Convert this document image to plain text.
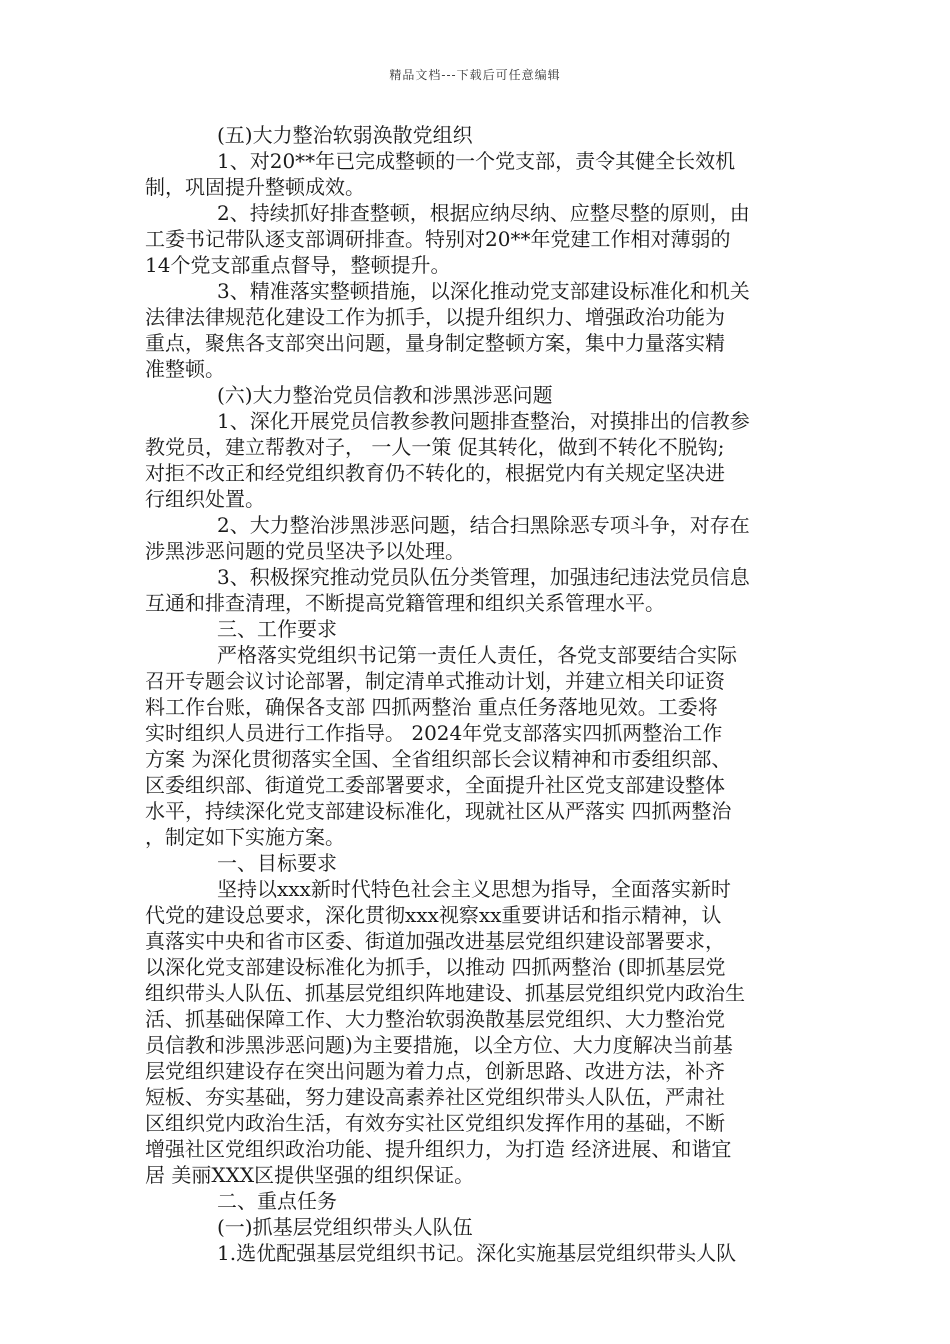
精品文档---下载后可任意编辑
(五)大力整治软弱涣散党组织
1、对20**年已完成整顿的一个党支部，责令其健全长效机
制，巩固提升整顿成效。
2、持续抓好排查整顿，根据应纳尽纳、应整尽整的原则，由
工委书记带队逐支部调研排查。特别对20**年党建工作相对薄弱的
14个党支部重点督导，整顿提升。
3、精准落实整顿措施，以深化推动党支部建设标准化和机关
法律法律规范化建设工作为抓手，以提升组织力、增强政治功能为
重点，聚焦各支部突出问题，量身制定整顿方案，集中力量落实精
准整顿。
(六)大力整治党员信教和涉黑涉恶问题
1、深化开展党员信教参教问题排查整治，对摸排出的信教参
教党员，建立帮教对子， 一人一策 促其转化，做到不转化不脱钩;
对拒不改正和经党组织教育仍不转化的，根据党内有关规定坚决进
行组织处置。
2、大力整治涉黑涉恶问题，结合扫黑除恶专项斗争，对存在
涉黑涉恶问题的党员坚决予以处理。
3、积极探究推动党员队伍分类管理，加强违纪违法党员信息
互通和排查清理，不断提高党籍管理和组织关系管理水平。
三、工作要求
严格落实党组织书记第一责任人责任，各党支部要结合实际
召开专题会议讨论部署，制定清单式推动计划，并建立相关印证资
料工作台账，确保各支部 四抓两整治 重点任务落地见效。工委将
实时组织人员进行工作指导。 2024年党支部落实四抓两整治工作
方案 为深化贯彻落实全国、全省组织部长会议精神和市委组织部、
区委组织部、街道党工委部署要求，全面提升社区党支部建设整体
水平，持续深化党支部建设标准化，现就社区从严落实 四抓两整治
，制定如下实施方案。
一、目标要求
坚持以xxx新时代特色社会主义思想为指导，全面落实新时
代党的建设总要求，深化贯彻xxx视察xx重要讲话和指示精神，认
真落实中央和省市区委、街道加强改进基层党组织建设部署要求，
以深化党支部建设标准化为抓手，以推动 四抓两整治 (即抓基层党
组织带头人队伍、抓基层党组织阵地建设、抓基层党组织党内政治生
活、抓基础保障工作、大力整治软弱涣散基层党组织、大力整治党
员信教和涉黑涉恶问题)为主要措施，以全方位、大力度解决当前基
层党组织建设存在突出问题为着力点，创新思路、改进方法，补齐
短板、夯实基础，努力建设高素养社区党组织带头人队伍，严肃社
区组织党内政治生活，有效夯实社区党组织发挥作用的基础，不断
增强社区党组织政治功能、提升组织力，为打造 经济进展、和谐宜
居 美丽XXX区提供坚强的组织保证。
二、重点任务
(一)抓基层党组织带头人队伍
1.选优配强基层党组织书记。深化实施基层党组织带头人队
